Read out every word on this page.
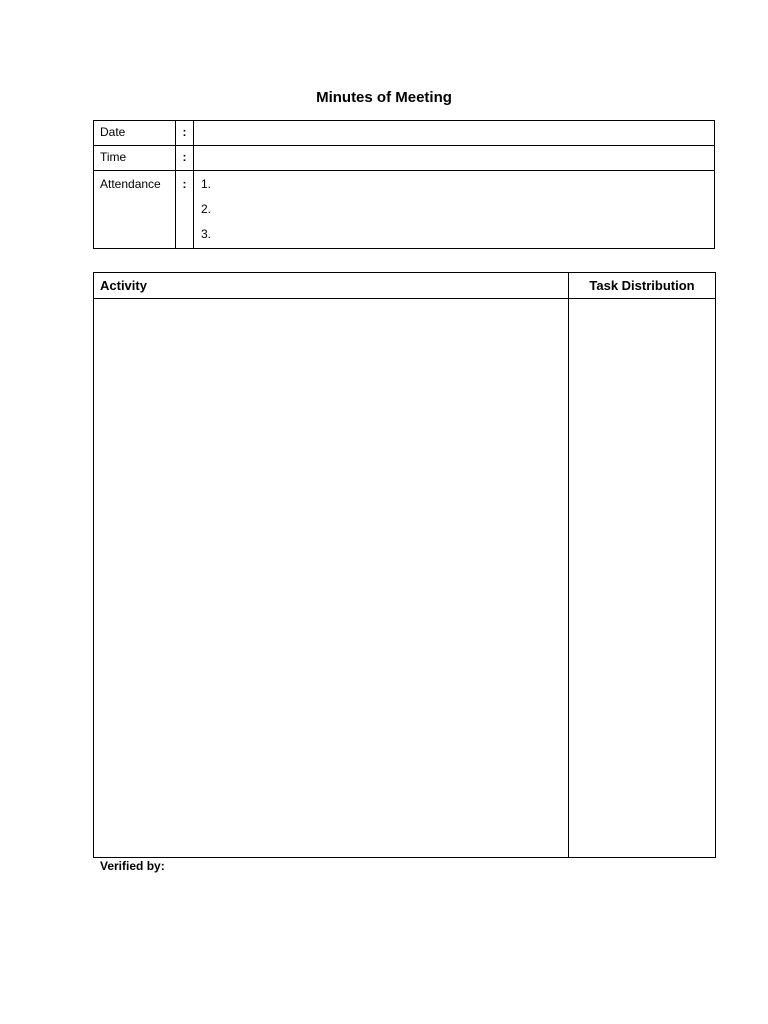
Minutes of Meeting
Date	:	
Time	:	
Attendance	:	1.
2.
3.
Activity	Task Distribution

Verified by:
